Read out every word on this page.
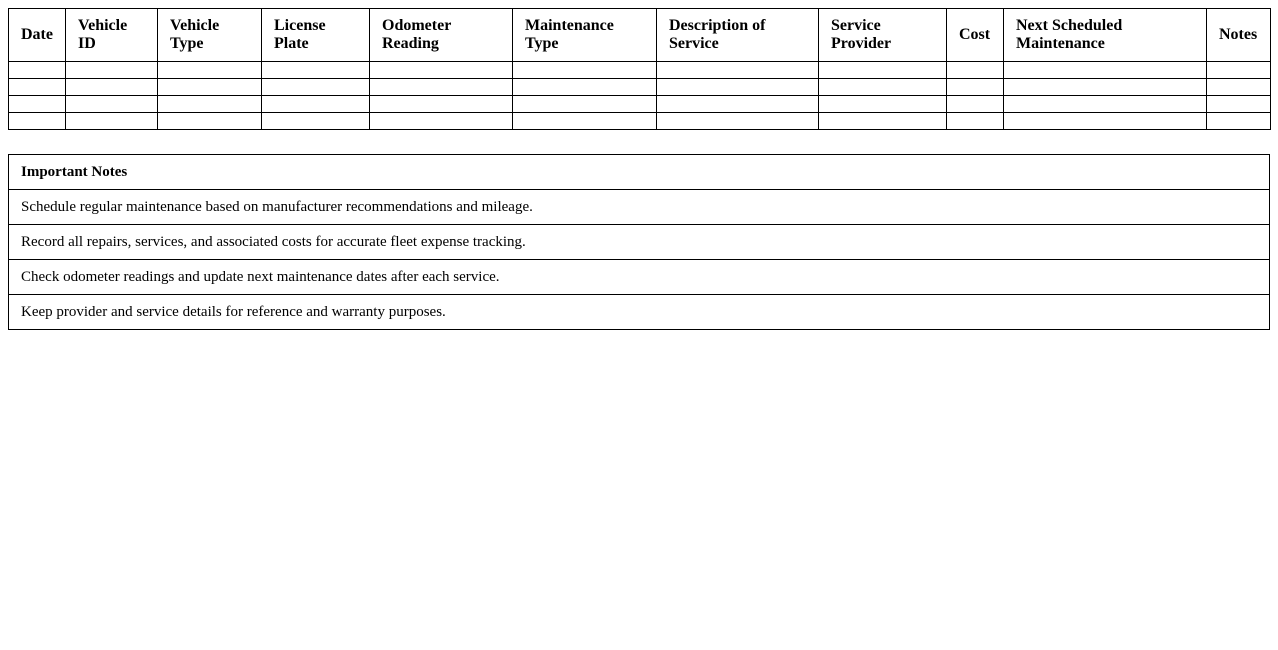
Date	Vehicle ID	Vehicle Type	License Plate	Odometer Reading	Maintenance Type	Description of Service	Service Provider	Cost	Next Scheduled Maintenance	Notes

Important Notes
Schedule regular maintenance based on manufacturer recommendations and mileage.
Record all repairs, services, and associated costs for accurate fleet expense tracking.
Check odometer readings and update next maintenance dates after each service.
Keep provider and service details for reference and warranty purposes.
